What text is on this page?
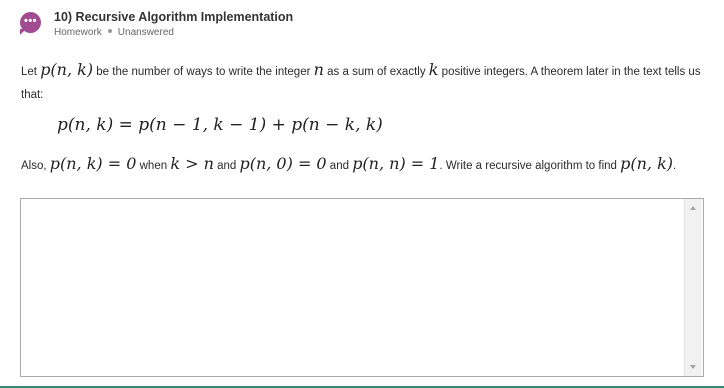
•••	10) Recursive Algorithm Implementation
Homework Unanswered
Let p(n, k) be the number of ways to write the integer n as a sum of exactly k positive integers. A theorem later in the text tells us that:
p(n, k) = p(n − 1, k − 1) + p(n − k, k)
Also, p(n, k) = 0 when k > n and p(n, 0) = 0 and p(n, n) = 1. Write a recursive algorithm to find p(n, k).
